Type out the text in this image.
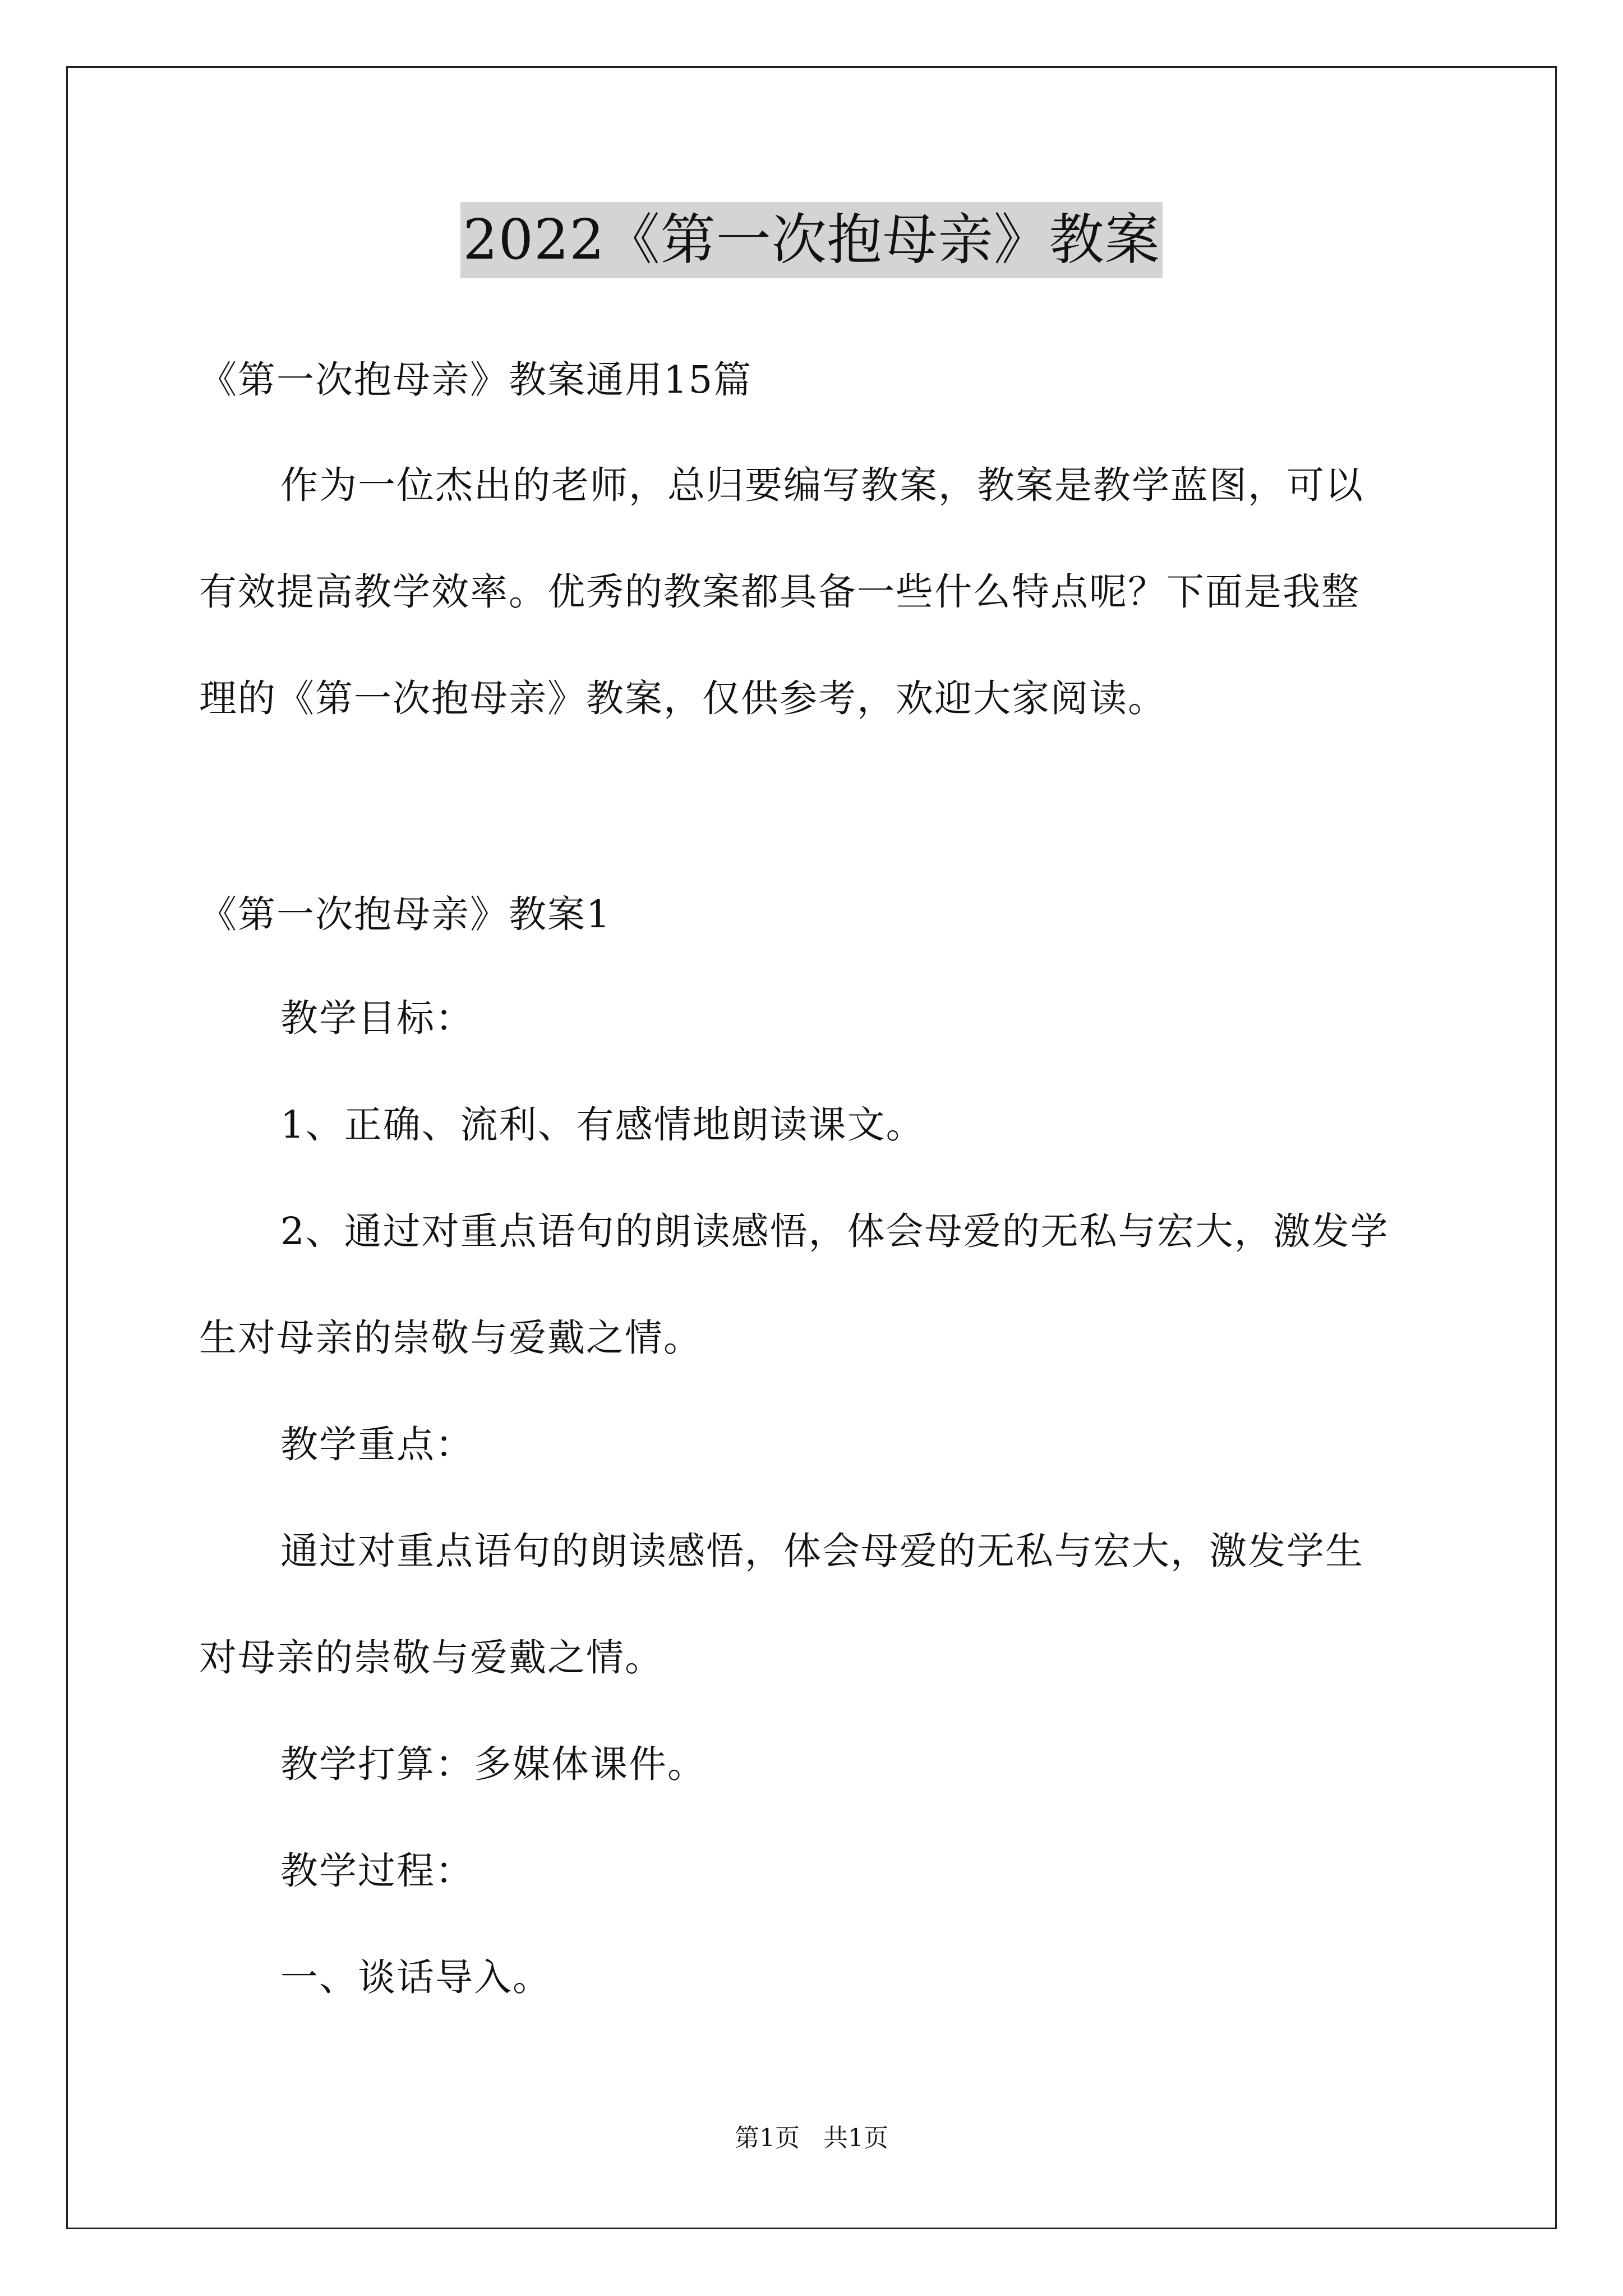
2022《第一次抱母亲》教案
《第一次抱母亲》教案通用15篇
作为一位杰出的老师，总归要编写教案，教案是教学蓝图，可以
有效提高教学效率。优秀的教案都具备一些什么特点呢？下面是我整
理的《第一次抱母亲》教案，仅供参考，欢迎大家阅读。
《第一次抱母亲》教案1
教学目标：
1、正确、流利、有感情地朗读课文。
2、通过对重点语句的朗读感悟，体会母爱的无私与宏大，激发学
生对母亲的崇敬与爱戴之情。
教学重点：
通过对重点语句的朗读感悟，体会母爱的无私与宏大，激发学生
对母亲的崇敬与爱戴之情。
教学打算：多媒体课件。
教学过程：
一、谈话导入。
第1页   共1页
